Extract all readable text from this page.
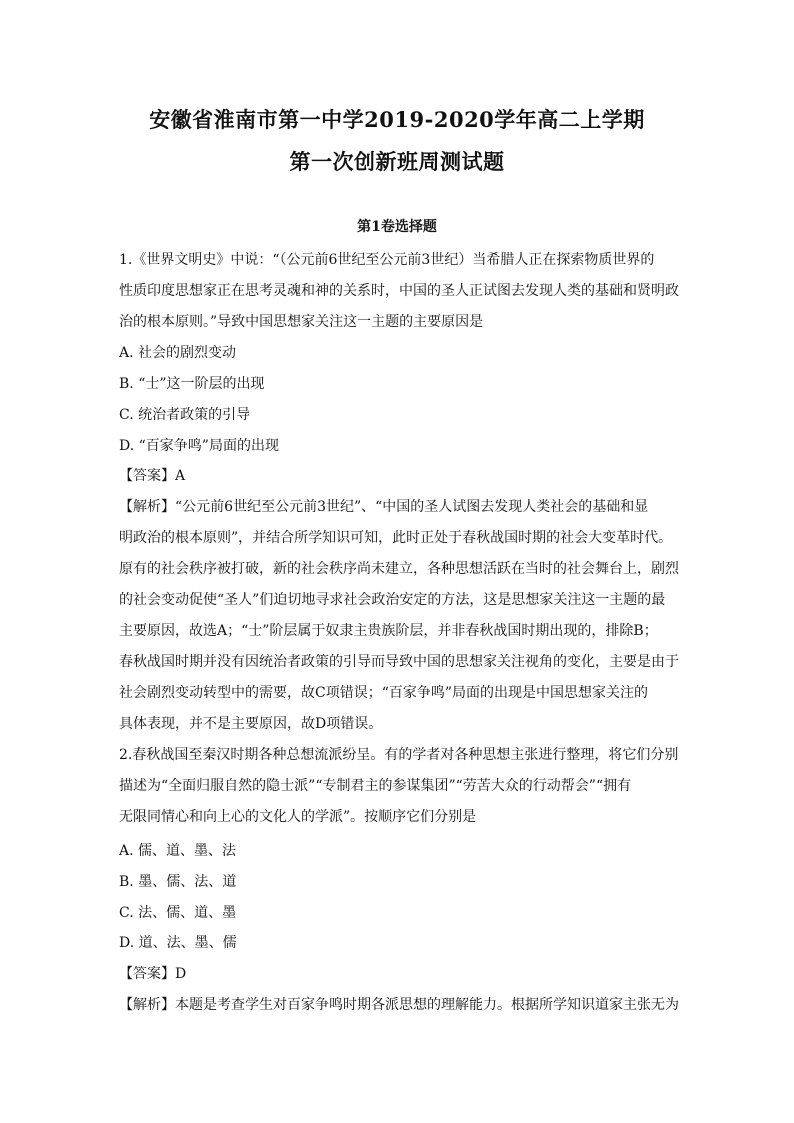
安徽省淮南市第一中学2019-2020学年高二上学期
第一次创新班周测试题
第1卷选择题
1.《世界文明史》中说：“（公元前6世纪至公元前3世纪）当希腊人正在探索物质世界的
性质印度思想家正在思考灵魂和神的关系时，中国的圣人正试图去发现人类的基础和贤明政
治的根本原则。”导致中国思想家关注这一主题的主要原因是
A. 社会的剧烈变动
B. “士”这一阶层的出现
C. 统治者政策的引导
D. “百家争鸣”局面的出现
【答案】A
【解析】“公元前6世纪至公元前3世纪”、“中国的圣人试图去发现人类社会的基础和显
明政治的根本原则”，并结合所学知识可知，此时正处于春秋战国时期的社会大变革时代。
原有的社会秩序被打破，新的社会秩序尚未建立，各种思想活跃在当时的社会舞台上，剧烈
的社会变动促使“圣人”们迫切地寻求社会政治安定的方法，这是思想家关注这一主题的最
主要原因，故选A；“士”阶层属于奴隶主贵族阶层，并非春秋战国时期出现的，排除B；
春秋战国时期并没有因统治者政策的引导而导致中国的思想家关注视角的变化，主要是由于
社会剧烈变动转型中的需要，故C项错误；“百家争鸣”局面的出现是中国思想家关注的
具体表现，并不是主要原因，故D项错误。
2.春秋战国至秦汉时期各种总想流派纷呈。有的学者对各种思想主张进行整理，将它们分别
描述为“全面归服自然的隐士派”“专制君主的参谋集团”“劳苦大众的行动帮会”“拥有
无限同情心和向上心的文化人的学派”。按顺序它们分别是
A. 儒、道、墨、法
B. 墨、儒、法、道
C. 法、儒、道、墨
D. 道、法、墨、儒
【答案】D
【解析】本题是考查学生对百家争鸣时期各派思想的理解能力。根据所学知识道家主张无为
